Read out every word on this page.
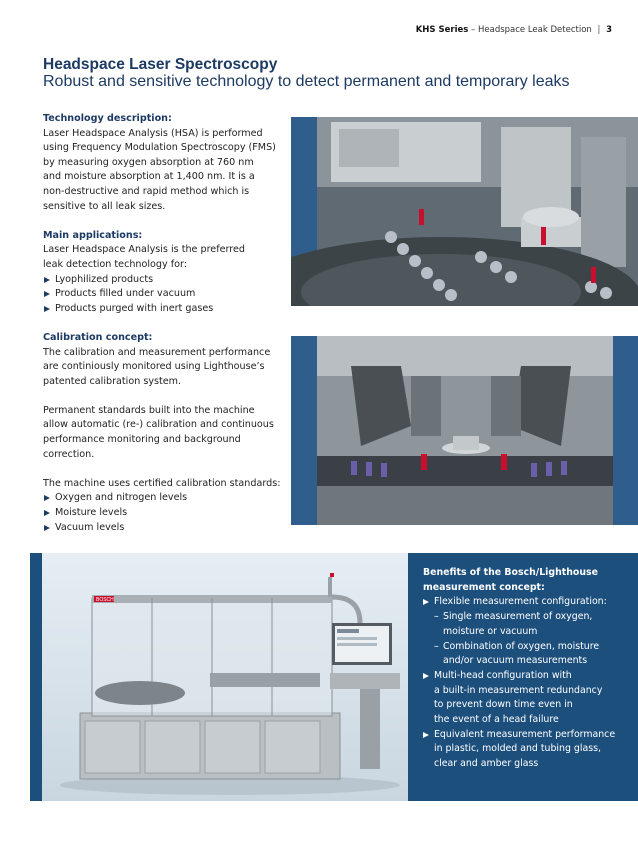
KHS Series – Headspace Leak Detection | 3
Headspace Laser Spectroscopy
Robust and sensitive technology to detect permanent and temporary leaks
Technology description:
Laser Headspace Analysis (HSA) is performed
using Frequency Modulation Spectroscopy (FMS)
by measuring oxygen absorption at 760 nm
and moisture absorption at 1,400 nm. It is a
non-destructive and rapid method which is
sensitive to all leak sizes.
Main applications:
Laser Headspace Analysis is the preferred
leak detection technology for:
Lyophilized products
Products filled under vacuum
Products purged with inert gases
Calibration concept:

The calibration and measurement performance
are continiously monitored using Lighthouse’s
patented calibration system.

Permanent standards built into the machine
allow automatic (re-) calibration and continuous
performance monitoring and background
correction.

The machine uses certified calibration standards:
Oxygen and nitrogen levels
Moisture levels
Vacuum levels
BOSCH
Benefits of the Bosch/Lighthouse
measurement concept:
Flexible measurement configuration:
– Single measurement of oxygen,
moisture or vacuum
– Combination of oxygen, moisture
and/or vacuum measurements
Multi-head configuration with
a built-in measurement redundancy
to prevent down time even in
the event of a head failure
Equivalent measurement performance
in plastic, molded and tubing glass,
clear and amber glass
